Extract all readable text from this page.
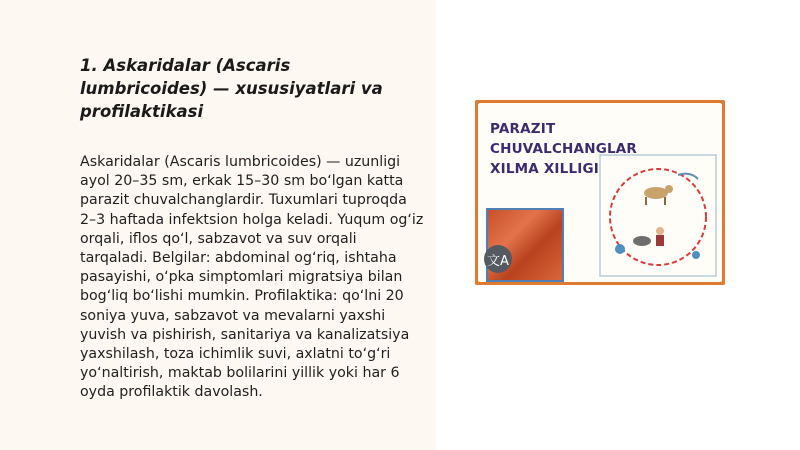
1. Askaridalar (Ascaris lumbricoides) — xususiyatlari va profilaktikasi

Askaridalar (Ascaris lumbricoides) — uzunligi ayol 20–35 sm, erkak 15–30 sm boʻlgan katta parazit chuvalchanglardir. Tuxumlari tuproqda 2–3 haftada infektsion holga keladi. Yuqum ogʻiz orqali, iflos qoʻl, sabzavot va suv orqali tarqaladi. Belgilar: abdominal ogʻriq, ishtaha pasayishi, oʻpka simptomlari migratsiya bilan bogʻliq boʻlishi mumkin. Profilaktika: qoʻlni 20 soniya yuva, sabzavot va mevalarni yaxshi yuvish va pishirish, sanitariya va kanalizatsiya yaxshilash, toza ichimlik suvi, axlatni toʻgʻri yoʻnaltirish, maktab bolilarini yillik yoki har 6 oyda profilaktik davolash.

PARAZIT
CHUVALCHANGLAR
XILMA XILLIGI
文A
